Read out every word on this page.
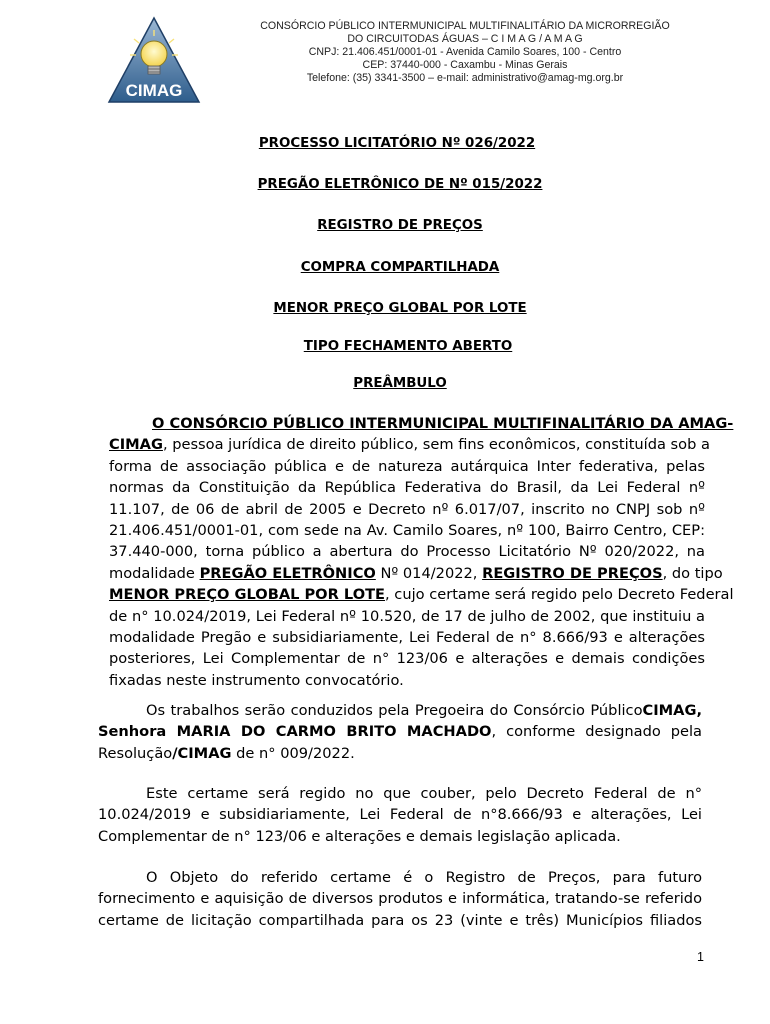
CIMAG
CONSÓRCIO PÚBLICO INTERMUNICIPAL MULTIFINALITÁRIO DA MICRORREGIÃO
DO CIRCUITODAS ÁGUAS – C I M A G / A M A G
CNPJ: 21.406.451/0001-01 - Avenida Camilo Soares, 100 - Centro
CEP: 37440-000 - Caxambu - Minas Gerais
Telefone: (35) 3341-3500 – e-mail: administrativo@amag-mg.org.br
PROCESSO LICITATÓRIO Nº 026/2022
PREGÃO ELETRÔNICO DE Nº 015/2022
REGISTRO DE PREÇOS
COMPRA COMPARTILHADA
MENOR PREÇO GLOBAL POR LOTE
TIPO FECHAMENTO ABERTO
PREÂMBULO
O CONSÓRCIO PÚBLICO INTERMUNICIPAL MULTIFINALITÁRIO DA AMAG-
CIMAG, pessoa jurídica de direito público, sem fins econômicos, constituída sob a
forma de associação pública e de natureza autárquica Inter federativa, pelas
normas da Constituição da República Federativa do Brasil, da Lei Federal nº
11.107, de 06 de abril de 2005 e Decreto nº 6.017/07, inscrito no CNPJ sob nº
21.406.451/0001-01, com sede na Av. Camilo Soares, nº 100, Bairro Centro, CEP:
37.440-000, torna público a abertura do Processo Licitatório Nº 020/2022, na
modalidade PREGÃO ELETRÔNICO Nº 014/2022, REGISTRO DE PREÇOS, do tipo
MENOR PREÇO GLOBAL POR LOTE, cujo certame será regido pelo Decreto Federal
de n° 10.024/2019, Lei Federal nº 10.520, de 17 de julho de 2002, que instituiu a
modalidade Pregão e subsidiariamente, Lei Federal de n° 8.666/93 e alterações
posteriores, Lei Complementar de n° 123/06 e alterações e demais condições
fixadas neste instrumento convocatório.
Os trabalhos serão conduzidos pela Pregoeira do Consórcio PúblicoCIMAG,
Senhora MARIA DO CARMO BRITO MACHADO, conforme designado pela
Resolução/CIMAG de n° 009/2022.
Este certame será regido no que couber, pelo Decreto Federal de n°
10.024/2019 e subsidiariamente, Lei Federal de n°8.666/93 e alterações, Lei
Complementar de n° 123/06 e alterações e demais legislação aplicada.
O Objeto do referido certame é o Registro de Preços, para futuro
fornecimento e aquisição de diversos produtos e informática, tratando-se referido
certame de licitação compartilhada para os 23 (vinte e três) Municípios filiados
1
